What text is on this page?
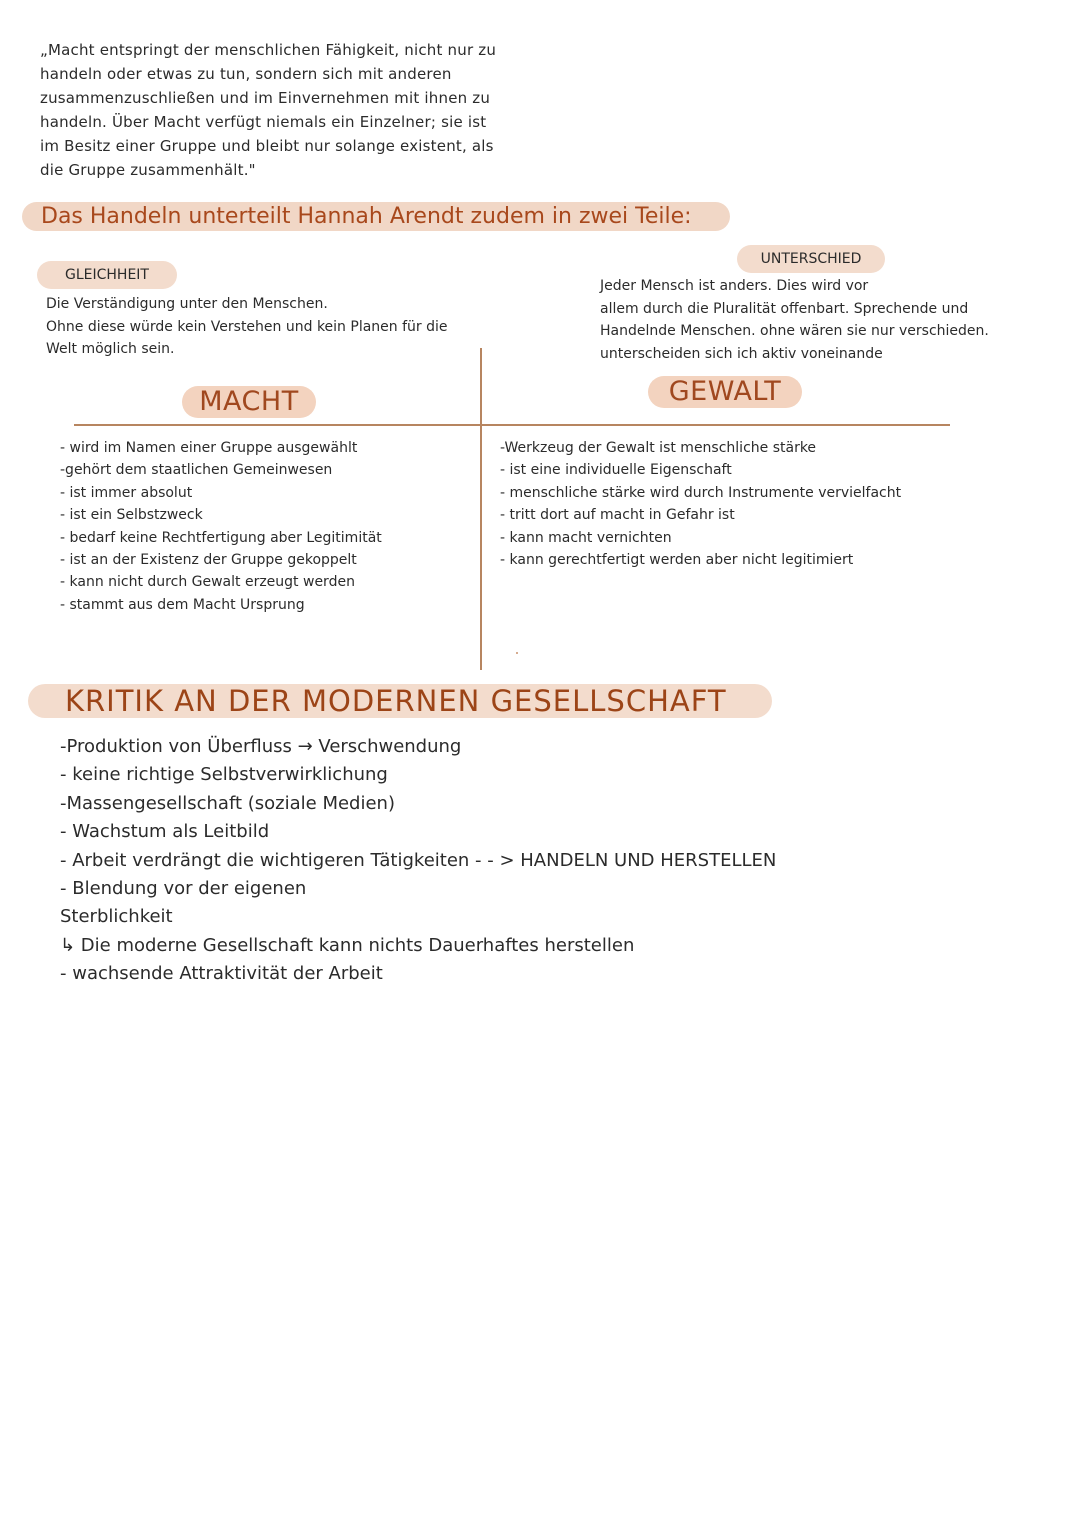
„Macht entspringt der menschlichen Fähigkeit, nicht nur zu
handeln oder etwas zu tun, sondern sich mit anderen
zusammenzuschließen und im Einvernehmen mit ihnen zu
handeln. Über Macht verfügt niemals ein Einzelner; sie ist
im Besitz einer Gruppe und bleibt nur solange existent, als
die Gruppe zusammenhält."
Das Handeln unterteilt Hannah Arendt zudem in zwei Teile:
GLEICHHEIT
Die Verständigung unter den Menschen.
Ohne diese würde kein Verstehen und kein Planen für die
Welt möglich sein.
UNTERSCHIED
Jeder Mensch ist anders. Dies wird vor
allem durch die Pluralität offenbart. Sprechende und
Handelnde Menschen. ohne wären sie nur verschieden.
unterscheiden sich ich aktiv voneinande
MACHT	GEWALT
- wird im Namen einer Gruppe ausgewählt
-gehört dem staatlichen Gemeinwesen
- ist immer absolut
- ist ein Selbstzweck
- bedarf keine Rechtfertigung aber Legitimität
- ist an der Existenz der Gruppe gekoppelt
- kann nicht durch Gewalt erzeugt werden
- stammt aus dem Macht Ursprung
-Werkzeug der Gewalt ist menschliche stärke
- ist eine individuelle Eigenschaft
- menschliche stärke wird durch Instrumente vervielfacht
- tritt dort auf macht in Gefahr ist
- kann macht vernichten
- kann gerechtfertigt werden aber nicht legitimiert
KRITIK AN DER MODERNEN GESELLSCHAFT
-Produktion von Überfluss → Verschwendung
- keine richtige Selbstverwirklichung
-Massengesellschaft (soziale Medien)
- Wachstum als Leitbild
- Arbeit verdrängt die wichtigeren Tätigkeiten - - > HANDELN UND HERSTELLEN
- Blendung vor der eigenen
Sterblichkeit
↳ Die moderne Gesellschaft kann nichts Dauerhaftes herstellen
- wachsende Attraktivität der Arbeit
